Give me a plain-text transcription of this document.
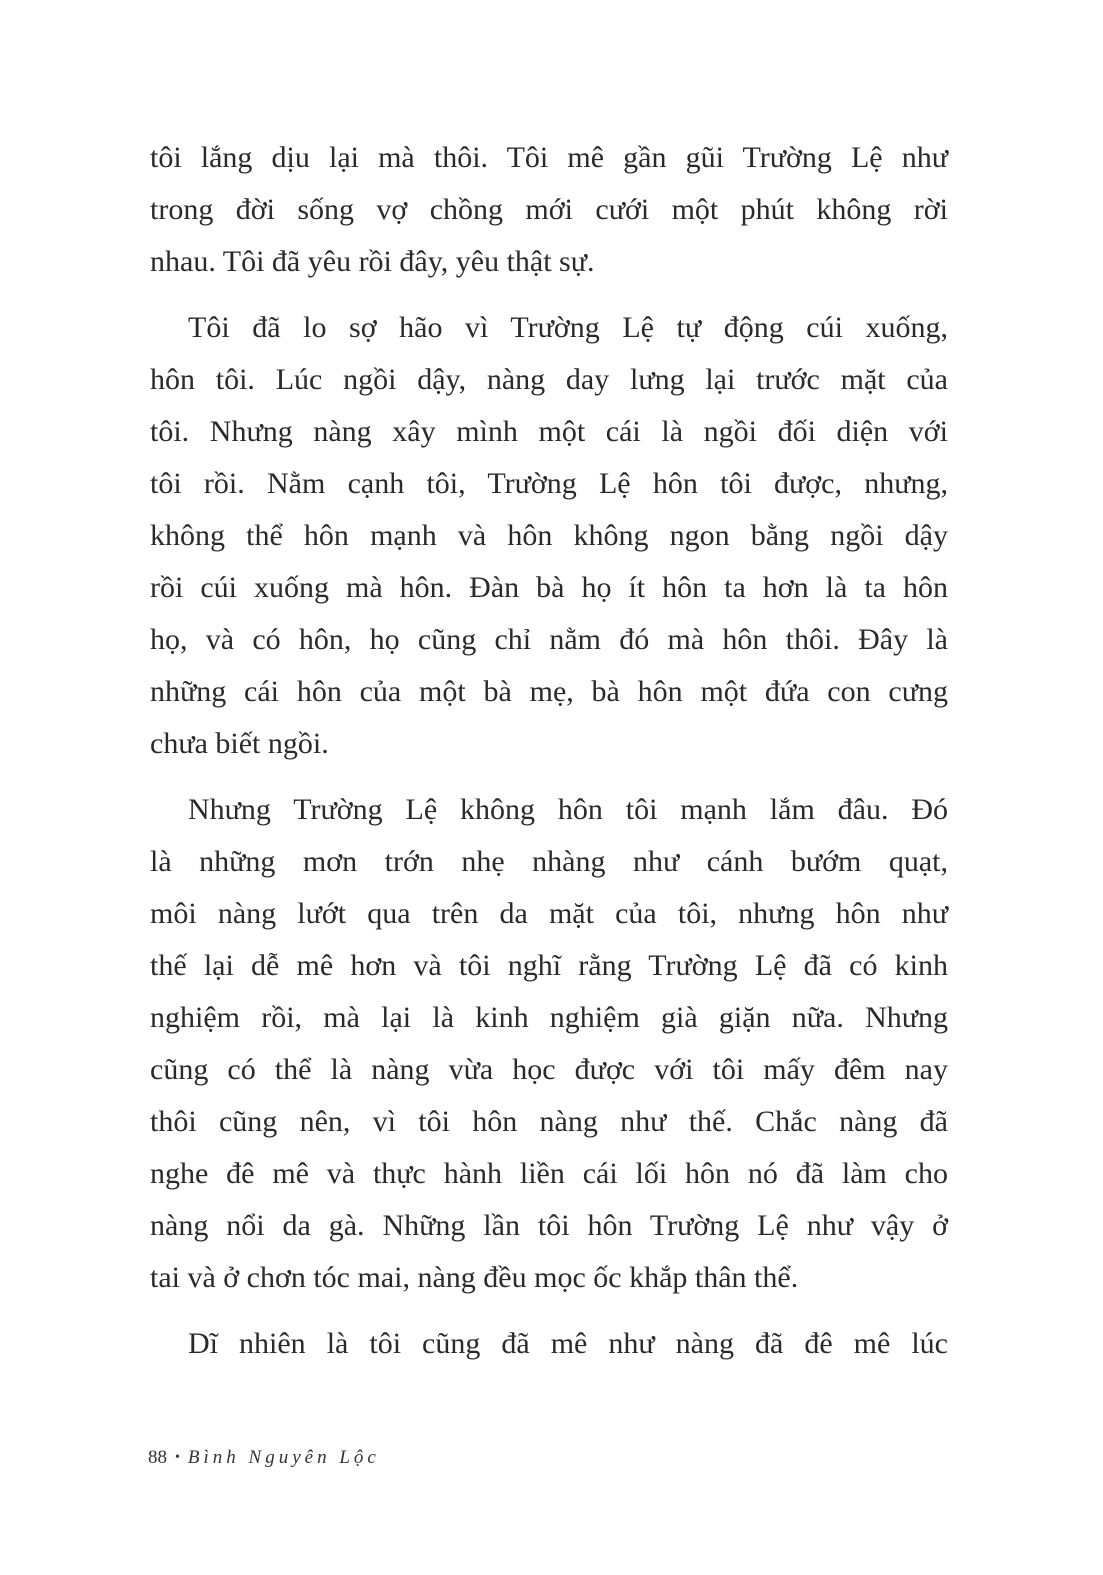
tôi lắng dịu lại mà thôi. Tôi mê gần gũi Trường Lệ như
trong đời sống vợ chồng mới cưới một phút không rời
nhau. Tôi đã yêu rồi đây, yêu thật sự.
Tôi đã lo sợ hão vì Trường Lệ tự động cúi xuống,
hôn tôi. Lúc ngồi dậy, nàng day lưng lại trước mặt của
tôi. Nhưng nàng xây mình một cái là ngồi đối diện với
tôi rồi. Nằm cạnh tôi, Trường Lệ hôn tôi được, nhưng,
không thể hôn mạnh và hôn không ngon bằng ngồi dậy
rồi cúi xuống mà hôn. Đàn bà họ ít hôn ta hơn là ta hôn
họ, và có hôn, họ cũng chỉ nằm đó mà hôn thôi. Đây là
những cái hôn của một bà mẹ, bà hôn một đứa con cưng
chưa biết ngồi.
Nhưng Trường Lệ không hôn tôi mạnh lắm đâu. Đó
là những mơn trớn nhẹ nhàng như cánh bướm quạt,
môi nàng lướt qua trên da mặt của tôi, nhưng hôn như
thế lại dễ mê hơn và tôi nghĩ rằng Trường Lệ đã có kinh
nghiệm rồi, mà lại là kinh nghiệm già giặn nữa. Nhưng
cũng có thể là nàng vừa học được với tôi mấy đêm nay
thôi cũng nên, vì tôi hôn nàng như thế. Chắc nàng đã
nghe đê mê và thực hành liền cái lối hôn nó đã làm cho
nàng nổi da gà. Những lần tôi hôn Trường Lệ như vậy ở
tai và ở chơn tóc mai, nàng đều mọc ốc khắp thân thể.
Dĩ nhiên là tôi cũng đã mê như nàng đã đê mê lúc
88 • Bình Nguyên Lộc
